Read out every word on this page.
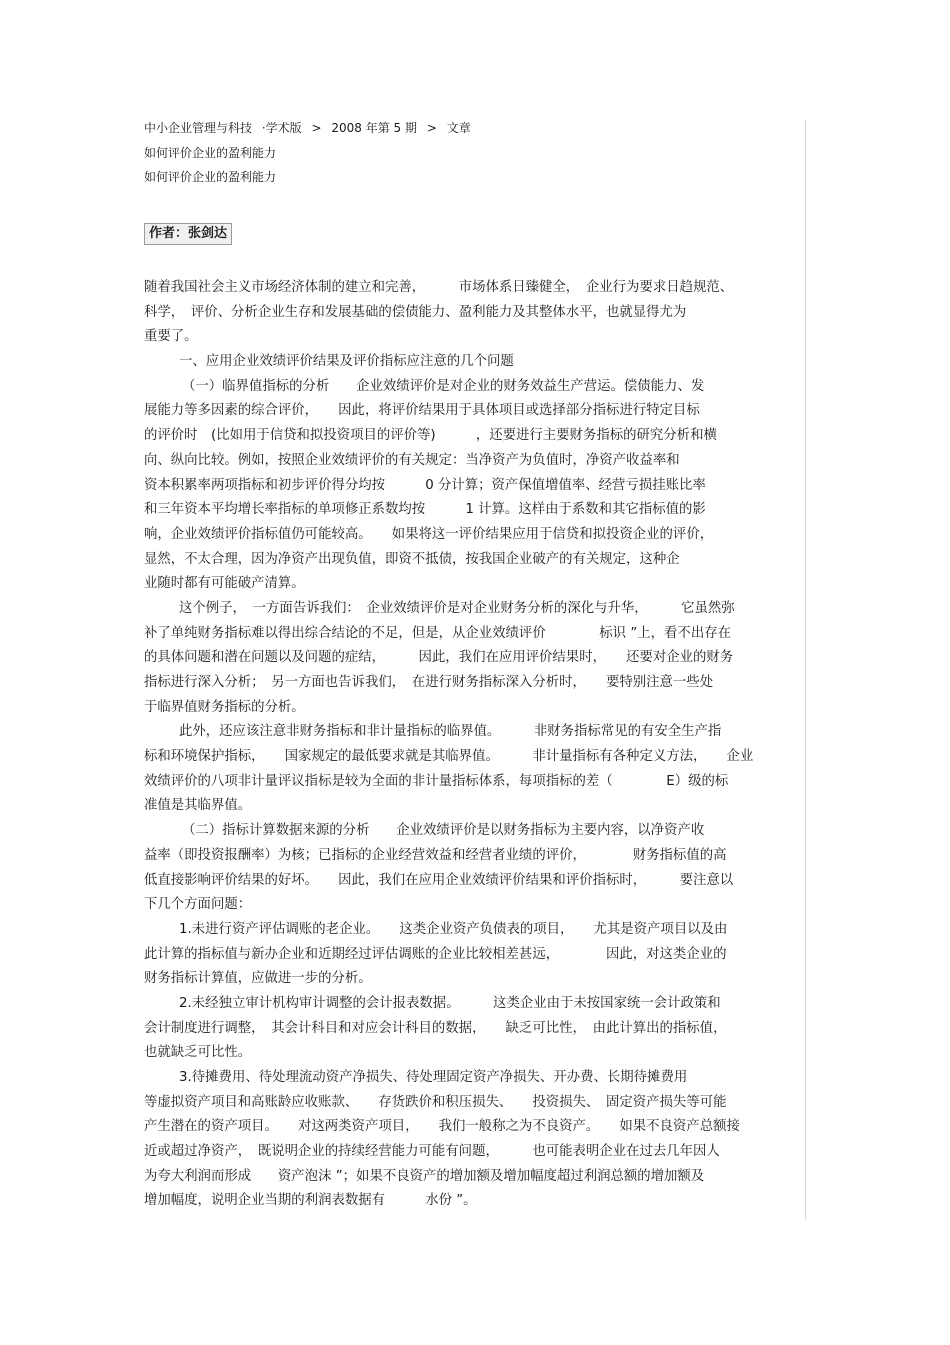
中小企业管理与科技 ·学术版 > 2008 年第 5 期 > 文章
如何评价企业的盈利能力
如何评价企业的盈利能力
作者：张剑达
随着我国社会主义市场经济体制的建立和完善，　　　市场体系日臻健全，　企业行为要求日趋规范、
科学，　评价、分析企业生存和发展基础的偿债能力、盈利能力及其整体水平，也就显得尤为
重要了。
一、应用企业效绩评价结果及评价指标应注意的几个问题
（一）临界值指标的分析　　企业效绩评价是对企业的财务效益生产营运。偿债能力、发
展能力等多因素的综合评价，　　因此，将评价结果用于具体项目或选择部分指标进行特定目标
的评价时　(比如用于信贷和拟投资项目的评价等)　　　，还要进行主要财务指标的研究分析和横
向、纵向比较。例如，按照企业效绩评价的有关规定：当净资产为负值时，净资产收益率和
资本积累率两项指标和初步评价得分均按　　　0 分计算；资产保值增值率、经营亏损挂账比率
和三年资本平均增长率指标的单项修正系数均按　　　1 计算。这样由于系数和其它指标值的影
响，企业效绩评价指标值仍可能较高。　　如果将这一评价结果应用于信贷和拟投资企业的评价，
显然，不太合理，因为净资产出现负值，即资不抵债，按我国企业破产的有关规定，这种企
业随时都有可能破产清算。
这个例子，　一方面告诉我们：　企业效绩评价是对企业财务分析的深化与升华，　　　它虽然弥
补了单纯财务指标难以得出综合结论的不足，但是，从企业效绩评价　　　　标识 ”上，看不出存在
的具体问题和潜在问题以及问题的症结，　　　因此，我们在应用评价结果时，　　还要对企业的财务
指标进行深入分析；　另一方面也告诉我们，　在进行财务指标深入分析时，　　要特别注意一些处
于临界值财务指标的分析。
此外，还应该注意非财务指标和非计量指标的临界值。　　　非财务指标常见的有安全生产指
标和环境保护指标，　　国家规定的最低要求就是其临界值。　　　非计量指标有各种定义方法，　　企业
效绩评价的八项非计量评议指标是较为全面的非计量指标体系，每项指标的差（　　　　E）级的标
准值是其临界值。
（二）指标计算数据来源的分析　　企业效绩评价是以财务指标为主要内容，以净资产收
益率（即投资报酬率）为核；已指标的企业经营效益和经营者业绩的评价，　　　　财务指标值的高
低直接影响评价结果的好坏。　　因此，我们在应用企业效绩评价结果和评价指标时，　　　要注意以
下几个方面问题：
1.未进行资产评估调账的老企业。　　这类企业资产负债表的项目，　　尤其是资产项目以及由
此计算的指标值与新办企业和近期经过评估调账的企业比较相差甚远，　　　　因此，对这类企业的
财务指标计算值，应做进一步的分析。
2.未经独立审计机构审计调整的会计报表数据。　　　这类企业由于未按国家统一会计政策和
会计制度进行调整，　其会计科目和对应会计科目的数据，　　缺乏可比性，　由此计算出的指标值，
也就缺乏可比性。
3.待摊费用、待处理流动资产净损失、待处理固定资产净损失、开办费、长期待摊费用
等虚拟资产项目和高账龄应收账款、　　存货跌价和积压损失、　　投资损失、　固定资产损失等可能
产生潜在的资产项目。　　对这两类资产项目，　　我们一般称之为不良资产。　　如果不良资产总额接
近或超过净资产，　既说明企业的持续经营能力可能有问题，　　　也可能表明企业在过去几年因人
为夸大利润而形成　　资产泡沫 ”；如果不良资产的增加额及增加幅度超过利润总额的增加额及
增加幅度，说明企业当期的利润表数据有　　　水份 ”。
